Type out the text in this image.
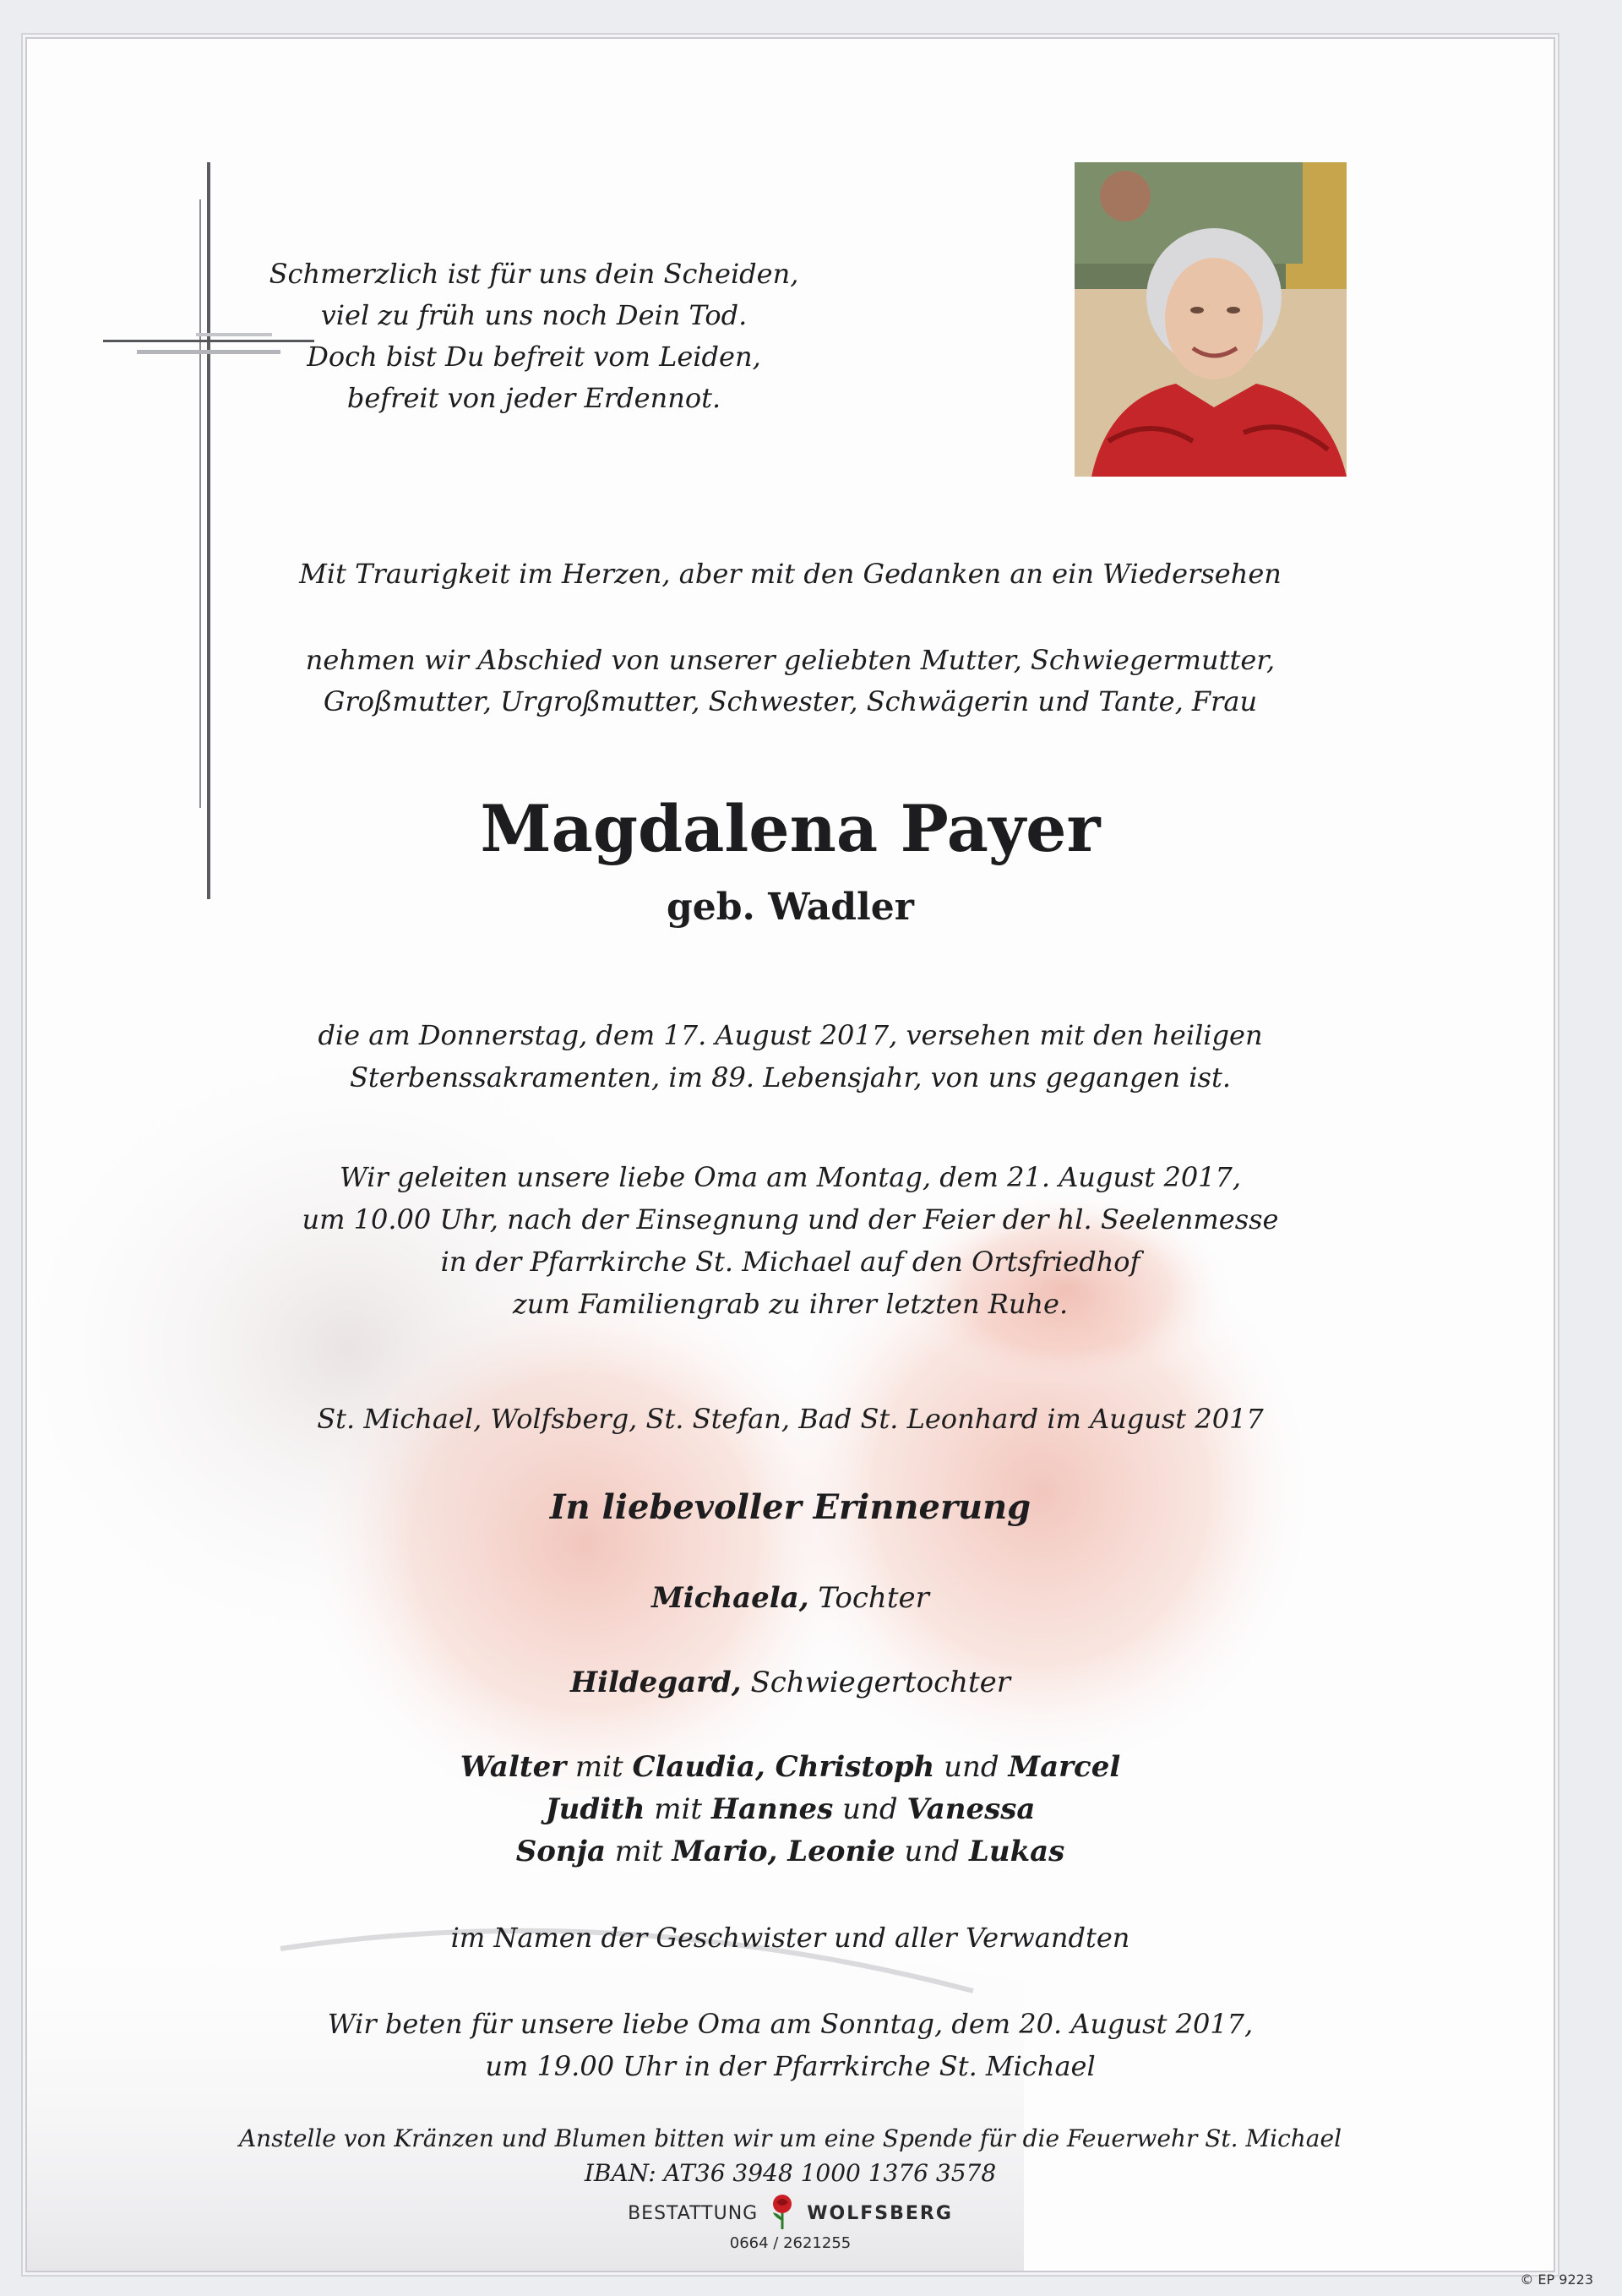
Schmerzlich ist für uns dein Scheiden,
viel zu früh uns noch Dein Tod.
Doch bist Du befreit vom Leiden,
befreit von jeder Erdennot.
Mit Traurigkeit im Herzen, aber mit den Gedanken an ein Wiedersehen
nehmen wir Abschied von unserer geliebten Mutter, Schwiegermutter,
Großmutter, Urgroßmutter, Schwester, Schwägerin und Tante, Frau
Magdalena Payer
geb. Wadler
die am Donnerstag, dem 17. August 2017, versehen mit den heiligen
Sterbenssakramenten, im 89. Lebensjahr, von uns gegangen ist.
Wir geleiten unsere liebe Oma am Montag, dem 21. August 2017,
um 10.00 Uhr, nach der Einsegnung und der Feier der hl. Seelenmesse
in der Pfarrkirche St. Michael auf den Ortsfriedhof
zum Familiengrab zu ihrer letzten Ruhe.
St. Michael, Wolfsberg, St. Stefan, Bad St. Leonhard im August 2017
In liebevoller Erinnerung
Michaela, Tochter
Hildegard, Schwiegertochter
Walter mit Claudia, Christoph und Marcel
Judith mit Hannes und Vanessa
Sonja mit Mario, Leonie und Lukas
im Namen der Geschwister und aller Verwandten
Wir beten für unsere liebe Oma am Sonntag, dem 20. August 2017,
um 19.00 Uhr in der Pfarrkirche St. Michael
Anstelle von Kränzen und Blumen bitten wir um eine Spende für die Feuerwehr St. Michael
IBAN: AT36 3948 1000 1376 3578
BESTATTUNG	WOLFSBERG
0664 / 2621255
© EP 9223
